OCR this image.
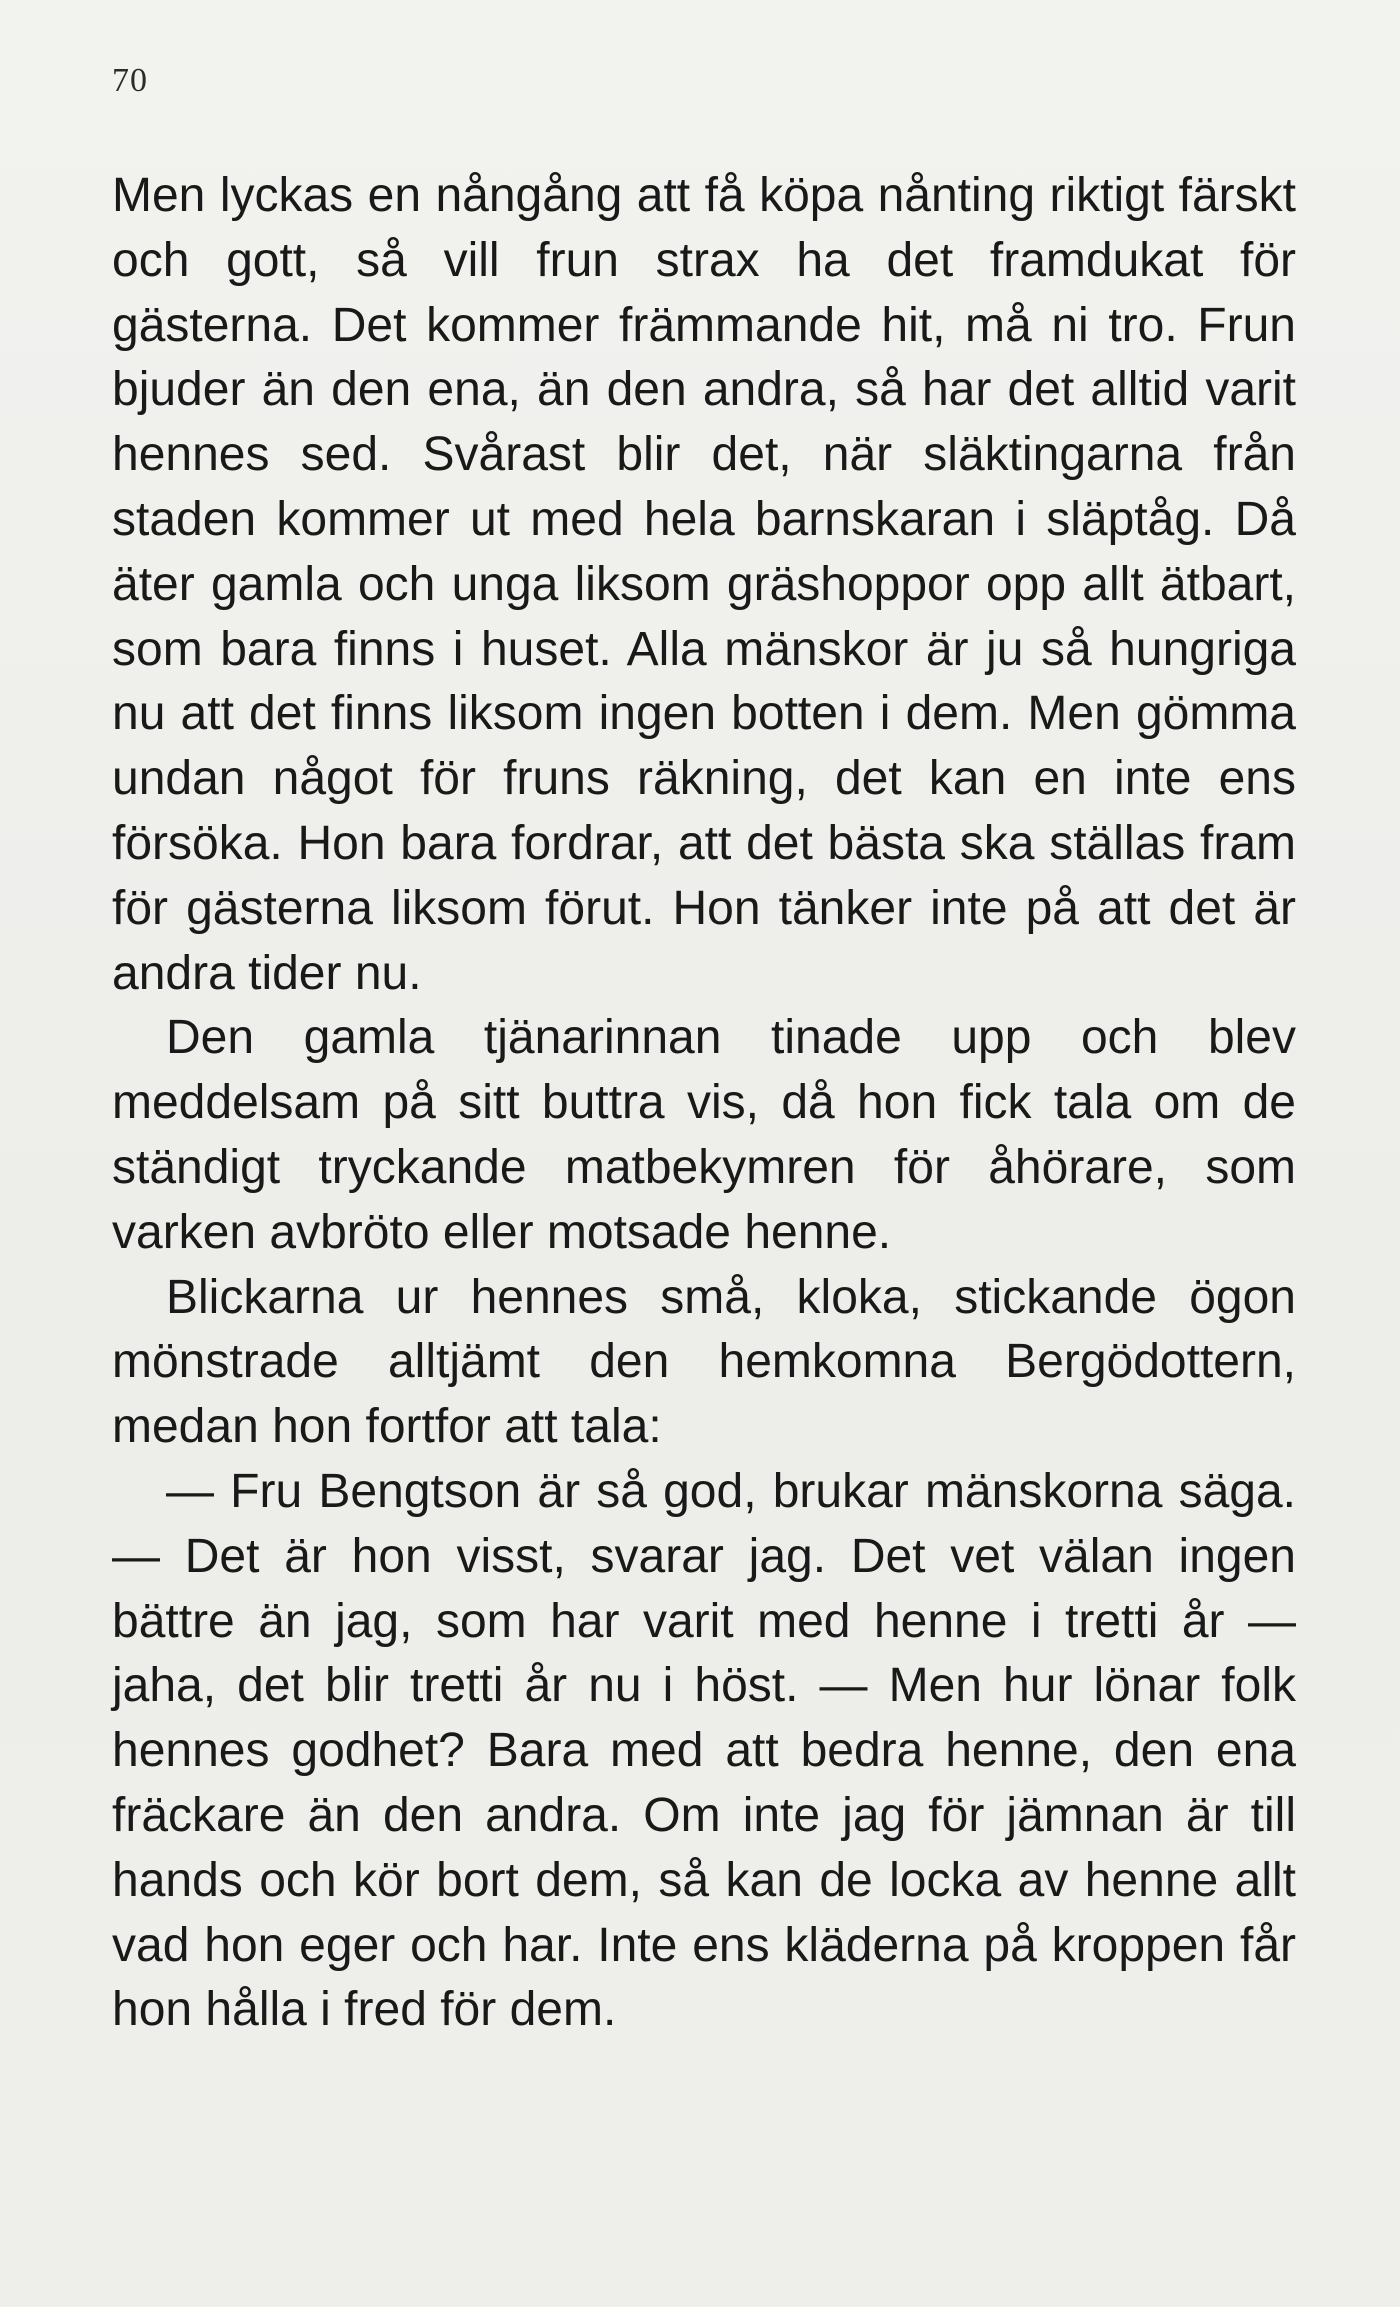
70

Men lyckas en nångång att få köpa nånting riktigt färskt och gott, så vill frun strax ha det framdukat för gästerna. Det kommer främmande hit, må ni tro. Frun bjuder än den ena, än den andra, så har det alltid varit hennes sed. Svårast blir det, när släktingarna från staden kommer ut med hela barnskaran i släptåg. Då äter gamla och unga liksom gräshoppor opp allt ätbart, som bara finns i huset. Alla mänskor är ju så hungriga nu att det finns liksom ingen botten i dem. Men gömma undan något för fruns räkning, det kan en inte ens försöka. Hon bara fordrar, att det bästa ska ställas fram för gästerna liksom förut. Hon tänker inte på att det är andra tider nu.

Den gamla tjänarinnan tinade upp och blev meddelsam på sitt buttra vis, då hon fick tala om de ständigt tryckande matbekymren för åhörare, som varken avbröto eller motsade henne.

Blickarna ur hennes små, kloka, stickande ögon mönstrade alltjämt den hemkomna Bergödottern, medan hon fortfor att tala:

— Fru Bengtson är så god, brukar mänskorna säga. — Det är hon visst, svarar jag. Det vet välan ingen bättre än jag, som har varit med henne i tretti år — jaha, det blir tretti år nu i höst. — Men hur lönar folk hennes godhet? Bara med att bedra henne, den ena fräckare än den andra. Om inte jag för jämnan är till hands och kör bort dem, så kan de locka av henne allt vad hon eger och har. Inte ens kläderna på kroppen får hon hålla i fred för dem.
